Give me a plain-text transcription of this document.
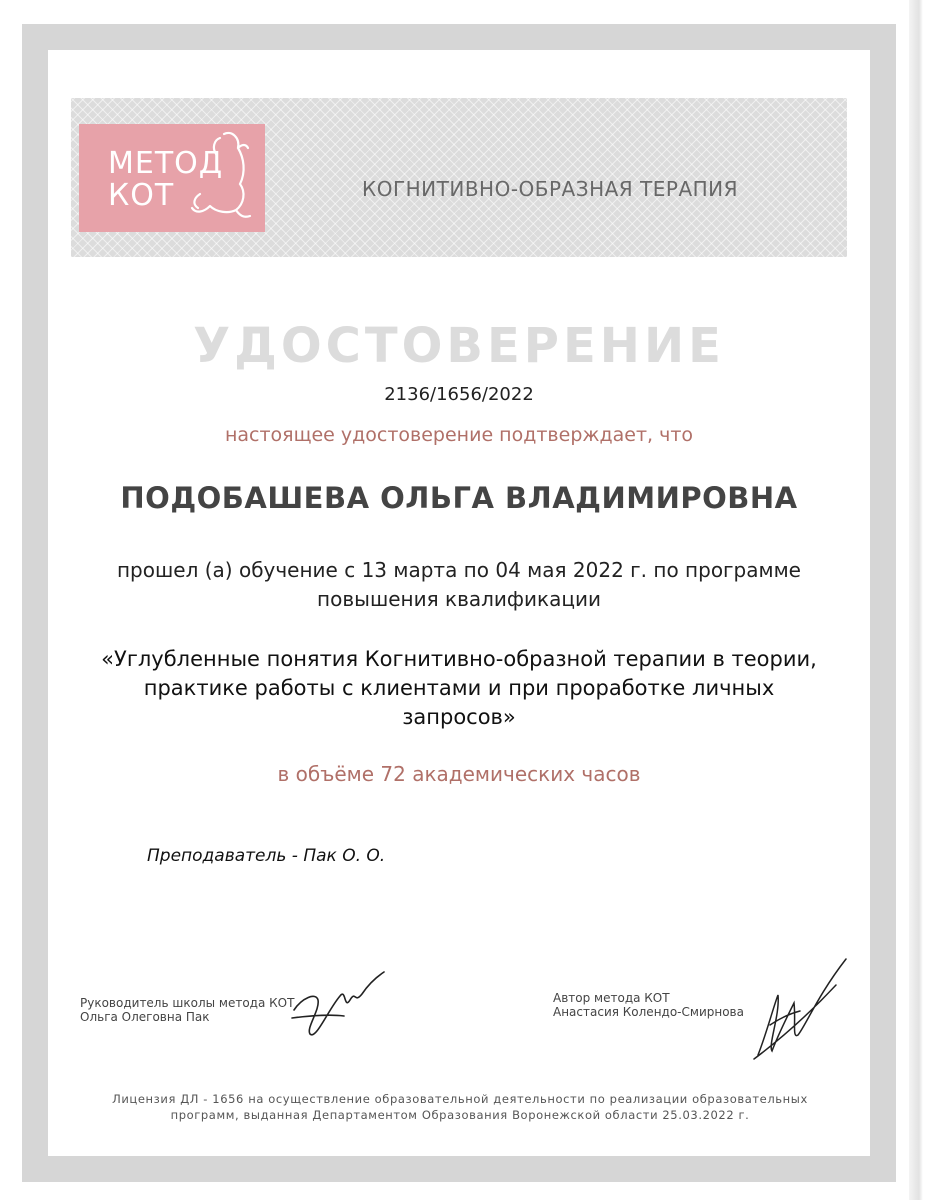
МЕТОД
КОТ	КОГНИТИВНО-ОБРАЗНАЯ ТЕРАПИЯ
УДОСТОВЕРЕНИЕ
2136/1656/2022
настоящее удостоверение подтверждает, что
ПОДОБАШЕВА ОЛЬГА ВЛАДИМИРОВНА
прошел (а) обучение с 13 марта по 04 мая 2022 г. по программе
повышения квалификации
«Углубленные понятия Когнитивно-образной терапии в теории,
практике работы с клиентами и при проработке личных
запросов»
в объёме 72 академических часов
Преподаватель - Пак О. О.
Руководитель школы метода КОТ
Ольга Олеговна Пак
Автор метода КОТ
Анастасия Колендо-Смирнова
Лицензия ДЛ - 1656 на осуществление образовательной деятельности по реализации образовательных
программ, выданная Департаментом Образования Воронежской области 25.03.2022 г.
